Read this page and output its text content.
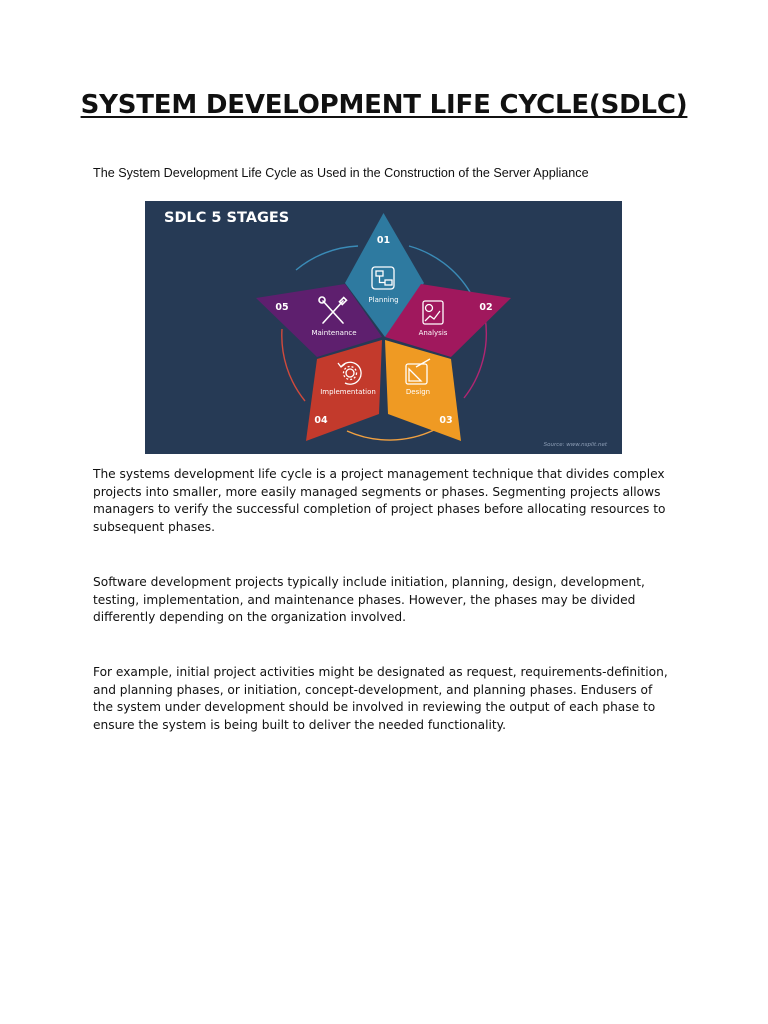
SYSTEM DEVELOPMENT LIFE CYCLE(SDLC)

The System Development Life Cycle as Used in the Construction of the Server Appliance

SDLC 5 STAGES
01
Planning
02
Analysis
03
Design
04
Implementation
05
Maintenance
Source: www.nsplit.net

The systems development life cycle is a project management technique that divides complex projects into smaller, more easily managed segments or phases. Segmenting projects allows managers to verify the successful completion of project phases before allocating resources to subsequent phases.

Software development projects typically include initiation, planning, design, development, testing, implementation, and maintenance phases. However, the phases may be divided differently depending on the organization involved.

For example, initial project activities might be designated as request, requirements-definition, and planning phases, or initiation, concept-development, and planning phases. Endusers of the system under development should be involved in reviewing the output of each phase to ensure the system is being built to deliver the needed functionality.
